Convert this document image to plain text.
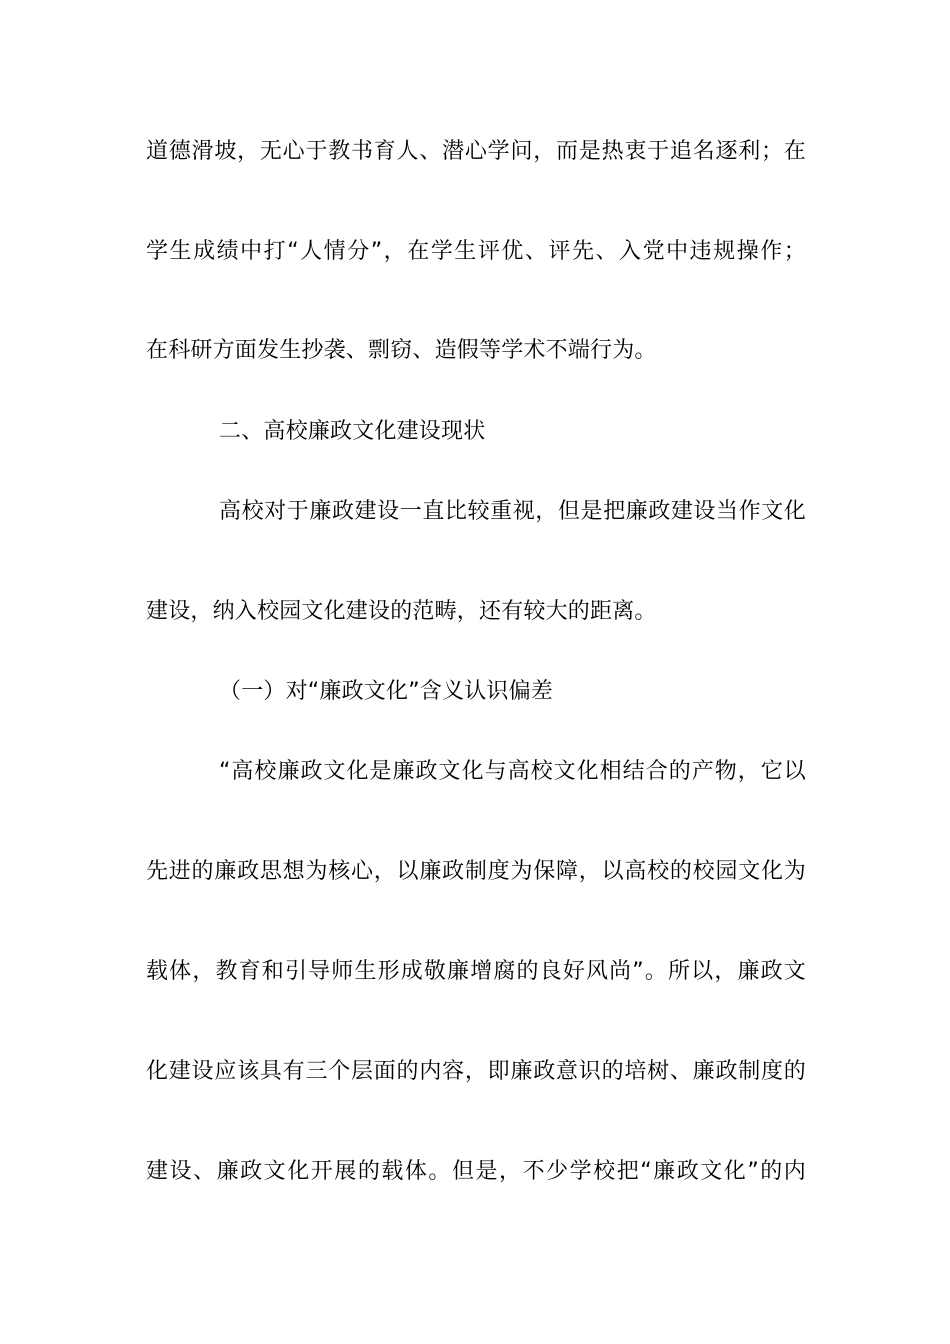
道德滑坡，无心于教书育人、潜心学问，而是热衷于追名逐利；在
学生成绩中打“人情分”，在学生评优、评先、入党中违规操作；
在科研方面发生抄袭、剽窃、造假等学术不端行为。
二、高校廉政文化建设现状
高校对于廉政建设一直比较重视，但是把廉政建设当作文化
建设，纳入校园文化建设的范畴，还有较大的距离。
（一）对“廉政文化”含义认识偏差
“高校廉政文化是廉政文化与高校文化相结合的产物，它以
先进的廉政思想为核心，以廉政制度为保障，以高校的校园文化为
载体，教育和引导师生形成敬廉增腐的良好风尚”。所以，廉政文
化建设应该具有三个层面的内容，即廉政意识的培树、廉政制度的
建设、廉政文化开展的载体。但是，不少学校把“廉政文化”的内
